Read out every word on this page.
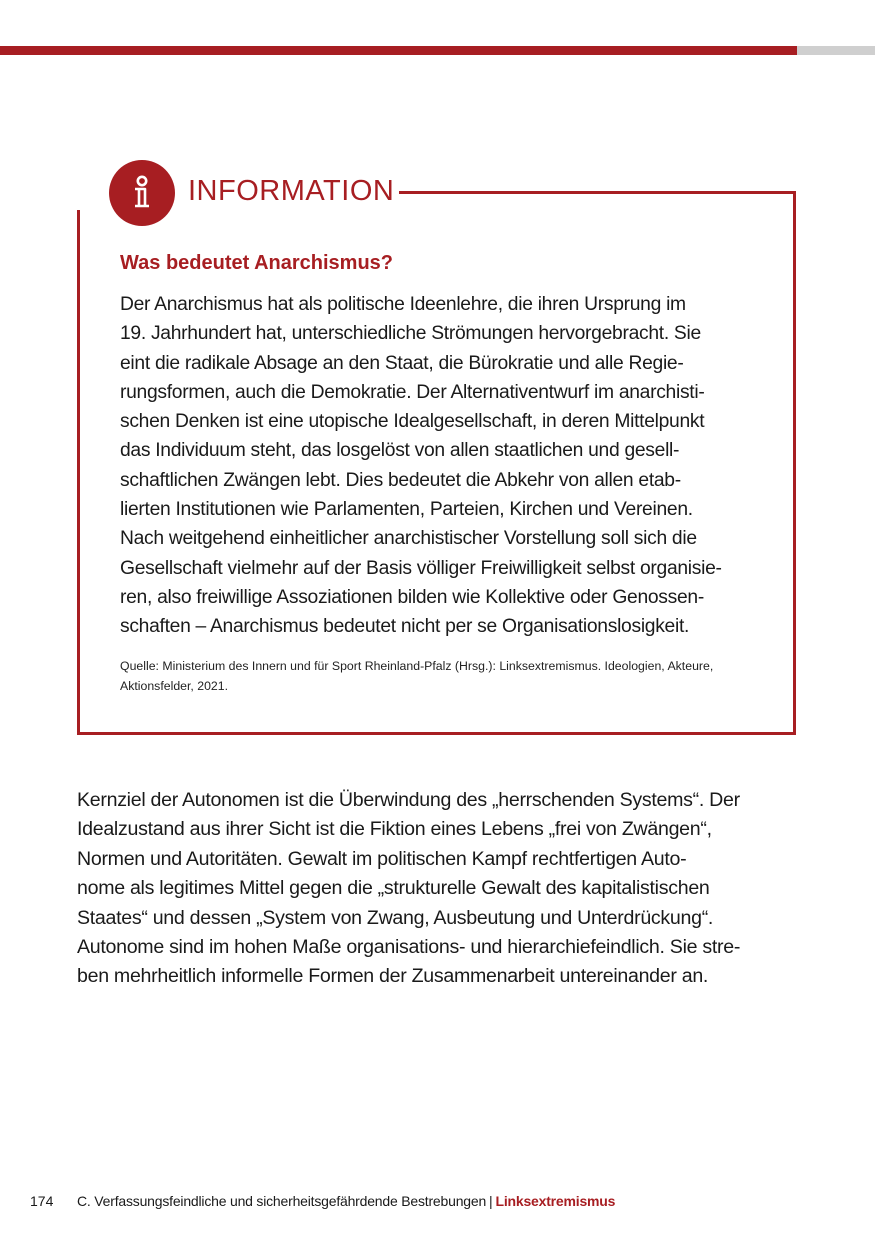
INFORMATION
Was bedeutet Anarchismus?
Der Anarchismus hat als politische Ideenlehre, die ihren Ursprung im
19. Jahrhundert hat, unterschiedliche Strömungen hervorgebracht. Sie
eint die radikale Absage an den Staat, die Bürokratie und alle Regie-
rungsformen, auch die Demokratie. Der Alternativentwurf im anarchisti-
schen Denken ist eine utopische Idealgesellschaft, in deren Mittelpunkt
das Individuum steht, das losgelöst von allen staatlichen und gesell-
schaftlichen Zwängen lebt. Dies bedeutet die Abkehr von allen etab-
lierten Institutionen wie Parlamenten, Parteien, Kirchen und Vereinen.
Nach weitgehend einheitlicher anarchistischer Vorstellung soll sich die
Gesellschaft vielmehr auf der Basis völliger Freiwilligkeit selbst organisie-
ren, also freiwillige Assoziationen bilden wie Kollektive oder Genossen-
schaften – Anarchismus bedeutet nicht per se Organisationslosigkeit.
Quelle: Ministerium des Innern und für Sport Rheinland-Pfalz (Hrsg.): Linksextremismus. Ideologien, Akteure,
Aktionsfelder, 2021.
Kernziel der Autonomen ist die Überwindung des „herrschenden Systems“. Der
Idealzustand aus ihrer Sicht ist die Fiktion eines Lebens „frei von Zwängen“,
Normen und Autoritäten. Gewalt im politischen Kampf rechtfertigen Auto-
nome als legitimes Mittel gegen die „strukturelle Gewalt des kapitalistischen
Staates“ und dessen „System von Zwang, Ausbeutung und Unterdrückung“.
Autonome sind im hohen Maße organisations- und hierarchiefeindlich. Sie stre-
ben mehrheitlich informelle Formen der Zusammenarbeit untereinander an.
174 C. Verfassungsfeindliche und sicherheitsgefährdende Bestrebungen | Linksextremismus
